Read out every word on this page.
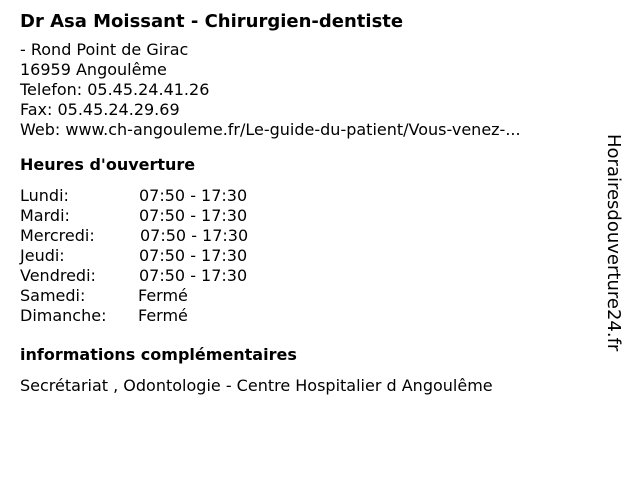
Dr Asa Moissant - Chirurgien-dentiste
- Rond Point de Girac
16959 Angoulême
Telefon: 05.45.24.41.26
Fax: 05.45.24.29.69
Web: www.ch-angouleme.fr/Le-guide-du-patient/Vous-venez-...
Heures d'ouverture
Lundi:	07:50 - 17:30
Mardi:	07:50 - 17:30
Mercredi:	07:50 - 17:30
Jeudi:	07:50 - 17:30
Vendredi:	07:50 - 17:30
Samedi:	Fermé
Dimanche: Fermé
informations complémentaires
Secrétariat , Odontologie - Centre Hospitalier d Angoulême
Horairesdouverture24.fr
